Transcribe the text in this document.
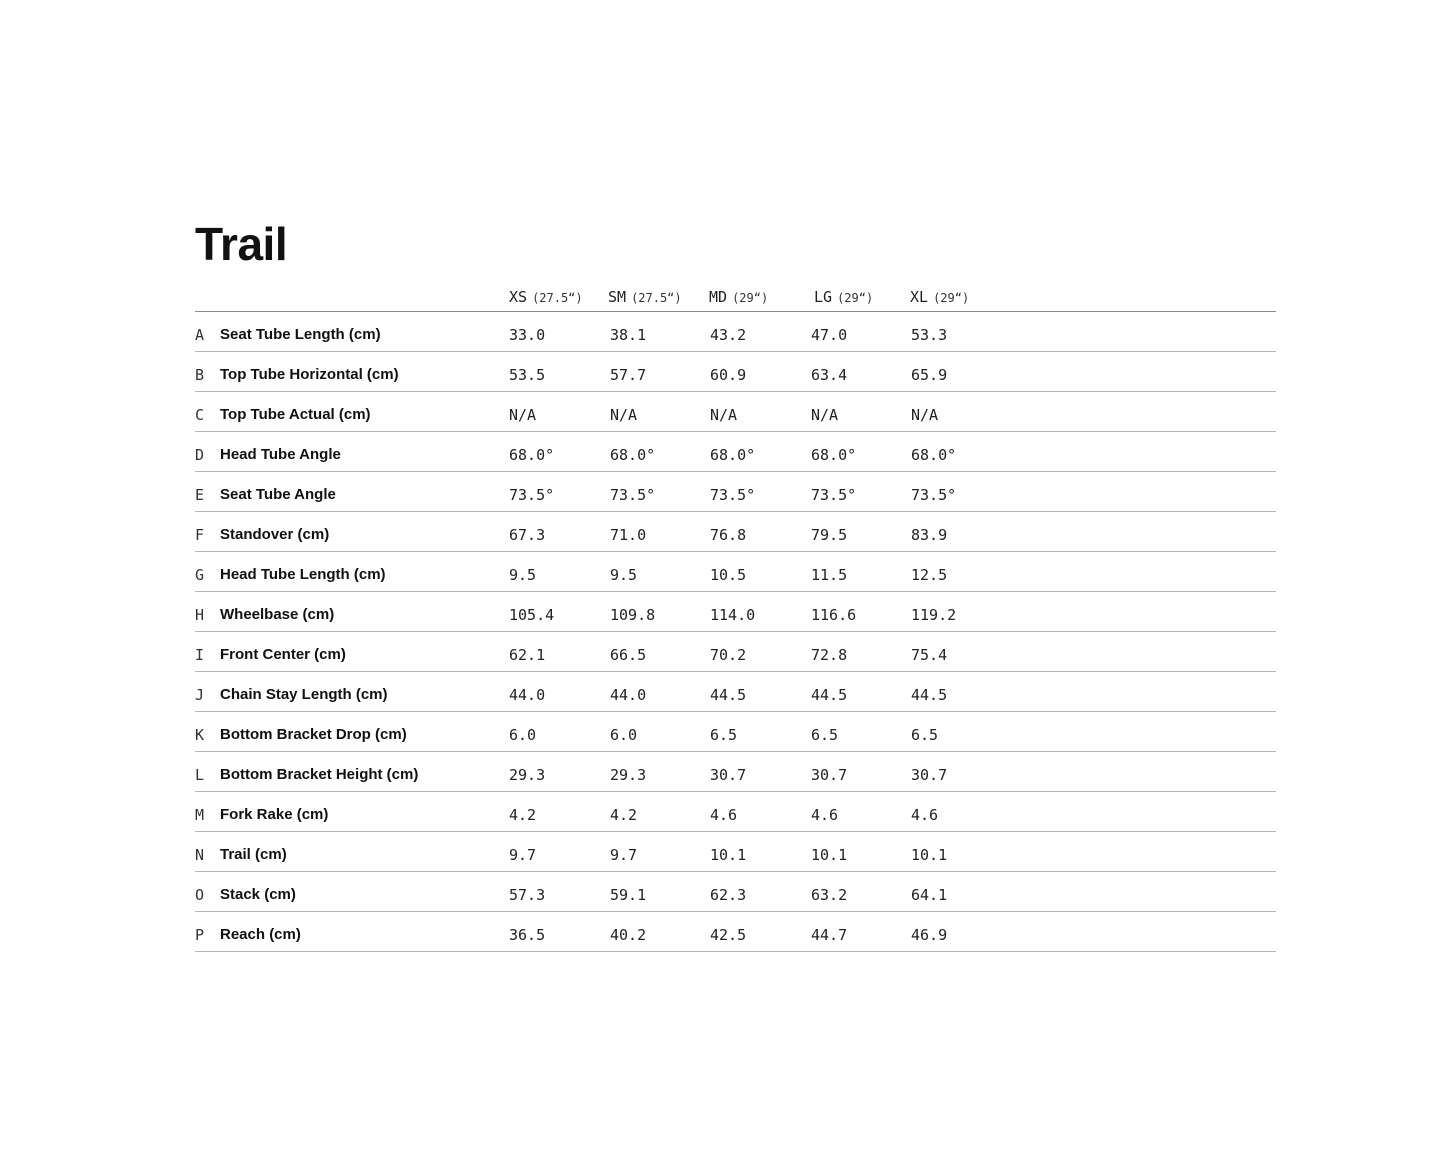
Trail
XS (27.5“) SM (27.5“) MD (29“)	LG (29“) XL (29“)
A Seat Tube Length (cm)	33.0	38.1	43.2	47.0	53.3
B Top Tube Horizontal (cm)	53.5	57.7	60.9	63.4	65.9
C Top Tube Actual (cm)	N/A	N/A	N/A	N/A	N/A
D Head Tube Angle	68.0°	68.0°	68.0°	68.0°	68.0°
E Seat Tube Angle	73.5°	73.5°	73.5°	73.5°	73.5°
F Standover (cm)	67.3	71.0	76.8	79.5	83.9
G Head Tube Length (cm)	9.5	9.5	10.5	11.5	12.5
H Wheelbase (cm)	105.4	109.8	114.0	116.6	119.2
I Front Center (cm)	62.1	66.5	70.2	72.8	75.4
J Chain Stay Length (cm)	44.0	44.0	44.5	44.5	44.5
K Bottom Bracket Drop (cm)	6.0	6.0	6.5	6.5	6.5
L Bottom Bracket Height (cm)	29.3	29.3	30.7	30.7	30.7
M Fork Rake (cm)	4.2	4.2	4.6	4.6	4.6
N Trail (cm)	9.7	9.7	10.1	10.1	10.1
O Stack (cm)	57.3	59.1	62.3	63.2	64.1
P Reach (cm)	36.5	40.2	42.5	44.7	46.9
